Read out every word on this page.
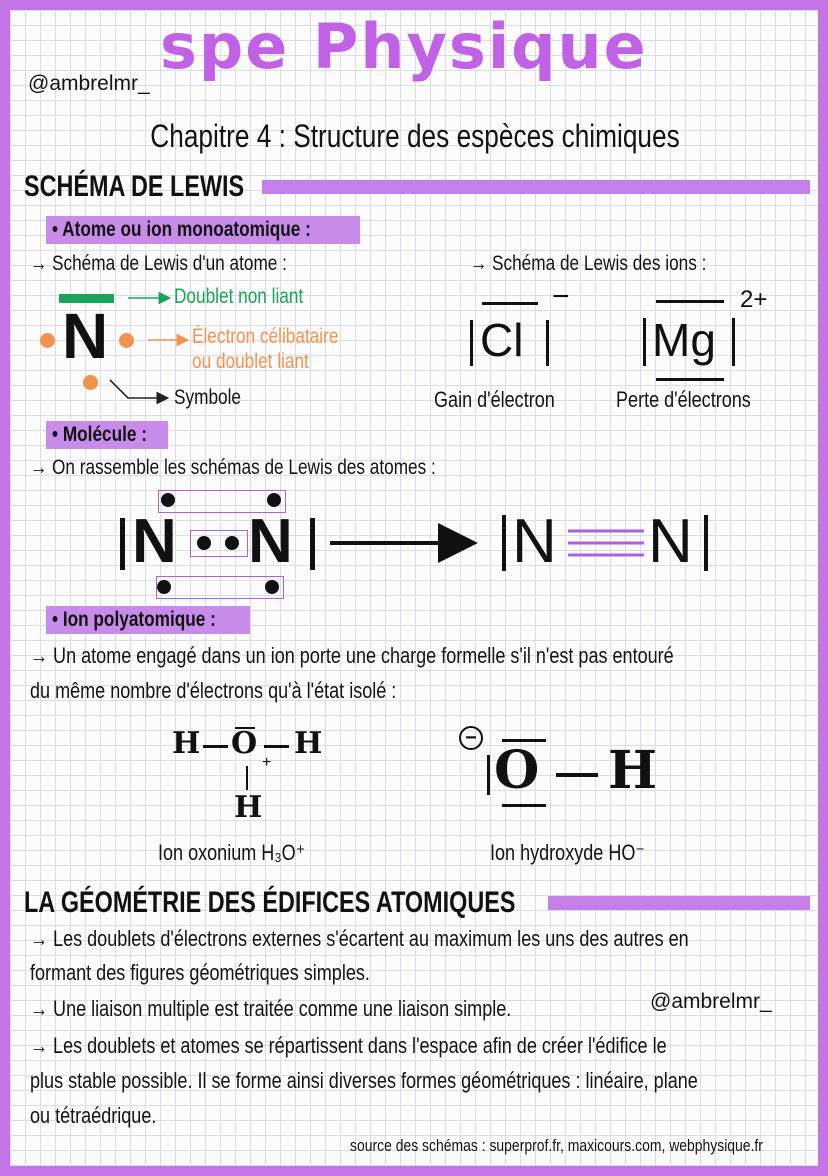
@ambrelmr_
spe Physique
Chapitre 4 : Structure des espèces chimiques
SCHÉMA DE LEWIS
• Atome ou ion monoatomique :
→ Schéma de Lewis d'un atome :	→ Schéma de Lewis des ions :
N
Doublet non liant
Électron célibataire
ou doublet liant
Symbole
Cl
−
Gain d'électron
Mg
2+
Perte d'électrons
• Molécule :
→ On rassemble les schémas de Lewis des atomes :
N N	N N
• Ion polyatomique :
→ Un atome engagé dans un ion porte une charge formelle s'il n'est pas entouré
du même nombre d'électrons qu'à l'état isolé :
H O H
+
H
Ion oxonium H₃O⁺
−
O H
Ion hydroxyde HO⁻
LA GÉOMÉTRIE DES ÉDIFICES ATOMIQUES
→ Les doublets d'électrons externes s'écartent au maximum les uns des autres en
formant des figures géométriques simples.
→ Une liaison multiple est traitée comme une liaison simple.	@ambrelmr_
→ Les doublets et atomes se répartissent dans l'espace afin de créer l'édifice le
plus stable possible. Il se forme ainsi diverses formes géométriques : linéaire, plane
ou tétraédrique.
source des schémas : superprof.fr, maxicours.com, webphysique.fr
